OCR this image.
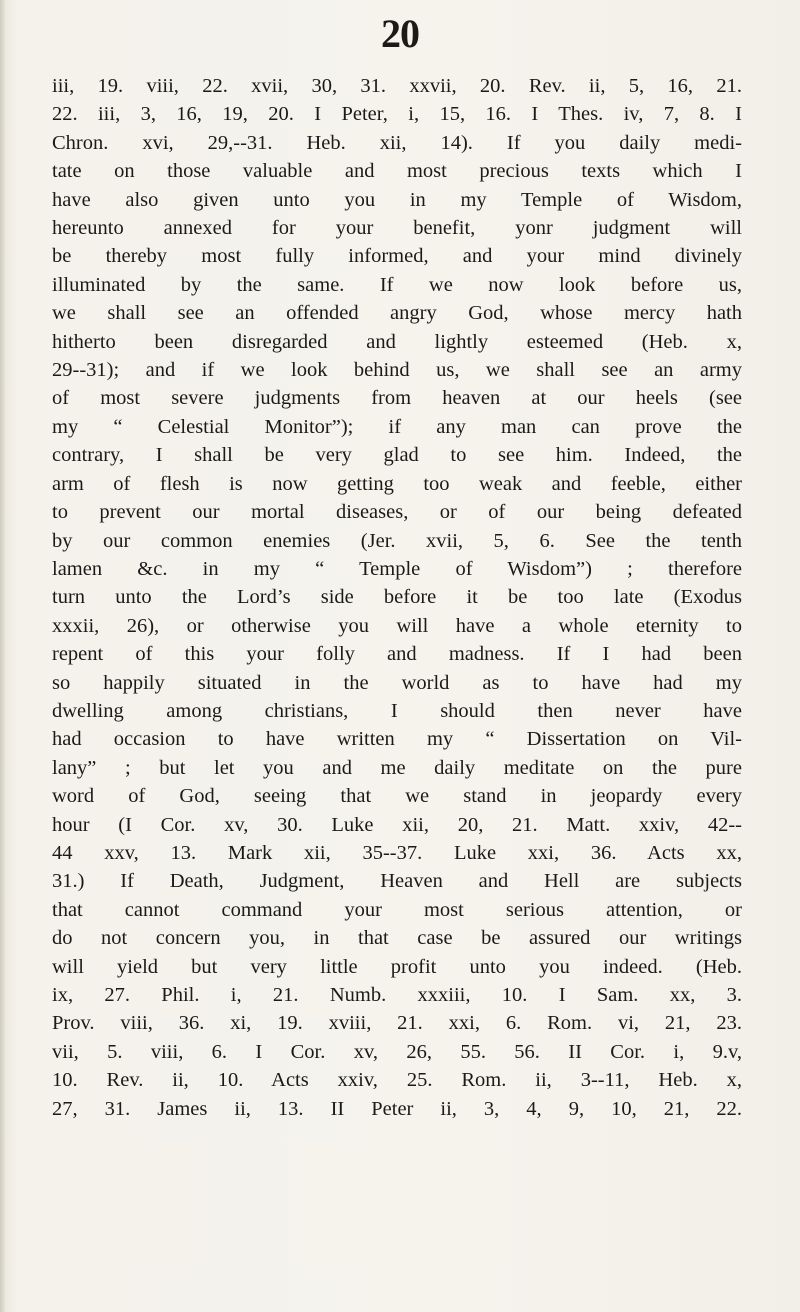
20
iii, 19. viii, 22. xvii, 30, 31. xxvii, 20. Rev. ii, 5, 16, 21.
22. iii, 3, 16, 19, 20. I Peter, i, 15, 16. I Thes. iv, 7, 8. I
Chron. xvi, 29,--31. Heb. xii, 14). If you daily medi-
tate on those valuable and most precious texts which I
have also given unto you in my Temple of Wisdom,
hereunto annexed for your benefit, yonr judgment will
be thereby most fully informed, and your mind divinely
illuminated by the same. If we now look before us,
we shall see an offended angry God, whose mercy hath
hitherto been disregarded and lightly esteemed (Heb. x,
29--31); and if we look behind us, we shall see an army
of most severe judgments from heaven at our heels (see
my “ Celestial Monitor”); if any man can prove the
contrary, I shall be very glad to see him. Indeed, the
arm of flesh is now getting too weak and feeble, either
to prevent our mortal diseases, or of our being defeated
by our common enemies (Jer. xvii, 5, 6. See the tenth
lamen &c. in my “ Temple of Wisdom”) ; therefore
turn unto the Lord’s side before it be too late (Exodus
xxxii, 26), or otherwise you will have a whole eternity to
repent of this your folly and madness. If I had been
so happily situated in the world as to have had my
dwelling among christians, I should then never have
had occasion to have written my “ Dissertation on Vil-
lany” ; but let you and me daily meditate on the pure
word of God, seeing that we stand in jeopardy every
hour (I Cor. xv, 30. Luke xii, 20, 21. Matt. xxiv, 42--
44 xxv, 13. Mark xii, 35--37. Luke xxi, 36. Acts xx,
31.) If Death, Judgment, Heaven and Hell are subjects
that cannot command your most serious attention, or
do not concern you, in that case be assured our writings
will yield but very little profit unto you indeed. (Heb.
ix, 27. Phil. i, 21. Numb. xxxiii, 10. I Sam. xx, 3.
Prov. viii, 36. xi, 19. xviii, 21. xxi, 6. Rom. vi, 21, 23.
vii, 5. viii, 6. I Cor. xv, 26, 55. 56. II Cor. i, 9.v,
10. Rev. ii, 10. Acts xxiv, 25. Rom. ii, 3--11, Heb. x,
27, 31. James ii, 13. II Peter ii, 3, 4, 9, 10, 21, 22.
